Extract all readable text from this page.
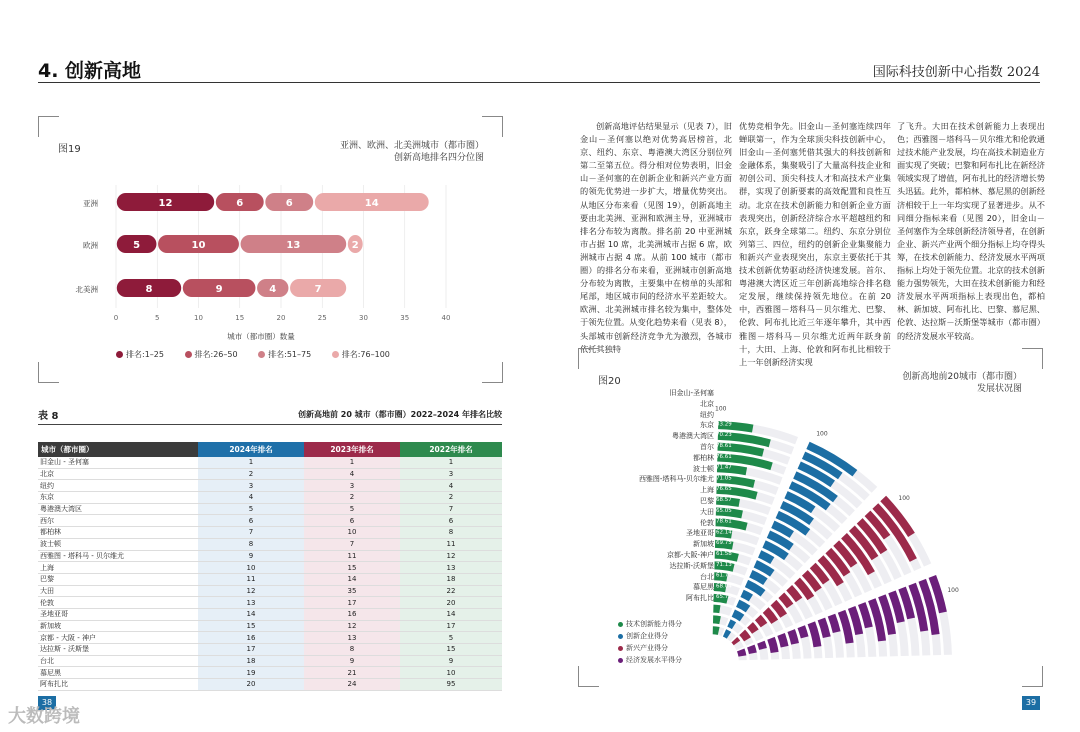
4. 创新高地	国际科技创新中心指数 2024
图19	亚洲、欧洲、北美洲城市（都市圈）
创新高地排名四分位图
0	5	10	15	20	25	30	35	40
亚洲	12	6	6	14
欧洲	5	10	13	2
北美洲	8	9	4	7
城市（都市圈）数量
排名:1–25	排名:26–50	排名:51–75	排名:76–100
表 8	创新高地前 20 城市（都市圈）2022–2024 年排名比较
城市（都市圈）	2024年排名	2023年排名	2022年排名
旧金山 - 圣何塞	1	1	1
北京	2	4	3
纽约	3	3	4
东京	4	2	2
粤港澳大湾区	5	5	7
西尔	6	6	6
都柏林	7	10	8
波士顿	8	7	11
西雅图 - 塔科马 - 贝尔维尤	9	11	12
上海	10	15	13
巴黎	11	14	18
大田	12	35	22
伦敦	13	17	20
圣地亚哥	14	16	14
新加坡	15	12	17
京都 - 大阪 - 神户	16	13	5
达拉斯 - 沃斯堡	17	8	15
台北	18	9	9
慕尼黑	19	21	10
阿布扎比	20	24	95
创新高地评估结果显示（见表 7），旧金山－圣何塞以绝对优势高居榜首，北京、纽约、东京、粤港澳大湾区分别位列第二至第五位。得分相对位势表明，旧金山－圣何塞的在创新企业和新兴产业方面的领先优势进一步扩大，增量优势突出。从地区分布来看（见图 19），创新高地主要由北美洲、亚洲和欧洲主导，亚洲城市排名分布较为离散。排名前 20 中亚洲城市占据 10 席，北美洲城市占据 6 席，欧洲城市占据 4 席。从前 100 城市（都市圈）的排名分布来看，亚洲城市创新高地分布较为离散，主要集中在榜单的头部和尾部，地区城市间的经济水平差距较大。欧洲、北美洲城市排名较为集中，整体处于领先位置。从变化趋势来看（见表 8），头部城市创新经济竞争尤为激烈，各城市依托其独特
优势竞相争先。旧金山－圣何塞连续四年蝉联第一，作为全球顶尖科技创新中心，旧金山－圣何塞凭借其强大的科技创新和金融体系，集聚吸引了大量高科技企业和初创公司、顶尖科技人才和高技术产业集群，实现了创新要素的高效配置和良性互动。北京在技术创新能力和创新企业方面表现突出，创新经济综合水平超越纽约和东京，跃身全球第二。纽约、东京分别位列第三、四位，纽约的创新企业集聚能力和新兴产业表现突出，东京主要依托于其技术创新优势驱动经济快速发展。首尔、粤港澳大湾区近三年创新高地综合排名稳定发展，继续保持领先地位。在前 20 中，西雅图－塔科马－贝尔维尤、巴黎、伦敦、阿布扎比近三年逐年攀升，其中西雅图－塔科马－贝尔维尤近两年跃身前十，大田、上海、伦敦和阿布扎比相较于上一年创新经济实现
了飞升。大田在技术创新能力上表现出色；西雅图－塔科马－贝尔维尤和伦敦通过技术能产业发展，均在高技术制造业方面实现了突破；巴黎和阿布扎比在新经济领域实现了增值，阿布扎比的经济增长势头迅猛。此外，都柏林、慕尼黑的创新经济相较于上一年均实现了显著进步。从不同细分指标来看（见图 20），旧金山－圣何塞作为全球创新经济领导者，在创新企业、新兴产业两个细分指标上均夺得头筹，在技术创新能力、经济发展水平两项指标上均处于领先位置。北京的技术创新能力强势领先，大田在技术创新能力和经济发展水平两项指标上表现出色，都柏林、新加坡、阿布扎比、巴黎、慕尼黑、伦敦、达拉斯－沃斯堡等城市（都市圈）的经济发展水平较高。
图20	创新高地前20城市（都市圈）
发展状况图
旧金山-圣何塞
北京
纽约
东京
粤港澳大湾区
首尔
都柏林
波士顿
西雅图-塔科马-贝尔维尤
上海
巴黎
大田
伦敦
圣地亚哥
新加坡
京都-大阪-神户
达拉斯-沃斯堡
台北
慕尼黑
阿布扎比
78.62
100.00
76.84
83.29
70.23
78.61
76.61
71.47
71.05
76.65
68.57
65.05
78.61
62.14
69.75
61.58
71.13
61.70
68.04
65.78
100
100
100
100
技术创新能力得分
创新企业得分
新兴产业得分
经济发展水平得分
38	39
大数跨境
